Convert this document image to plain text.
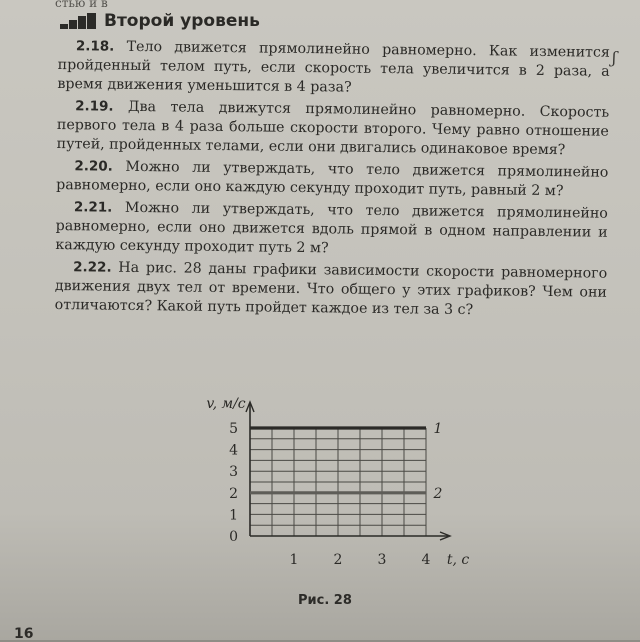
стью и в
Второй уровень

2.18. Тело движется прямолинейно равномерно. Как изменится пройденный телом путь, если скорость тела увеличится в 2 раза, а время движения уменьшится в 4 раза?

2.19. Два тела движутся прямолинейно равномерно. Скорость первого тела в 4 раза больше скорости второго. Чему равно отношение путей, пройденных телами, если они двигались одинаковое время?

2.20. Можно ли утверждать, что тело движется прямолинейно равномерно, если оно каждую секунду проходит путь, равный 2 м?

2.21. Можно ли утверждать, что тело движется прямолинейно равномерно, если оно движется вдоль прямой в одном направлении и каждую секунду проходит путь 2 м?

2.22. На рис. 28 даны графики зависимости скорости равномерного движения двух тел от времени. Что общего у этих графиков? Чем они отличаются? Какой путь пройдет каждое из тел за 3 с?

ʃ
0
1
2
3
4
5
1	2	3	4
v, м/с
t, с
1
2
Рис. 28
16
